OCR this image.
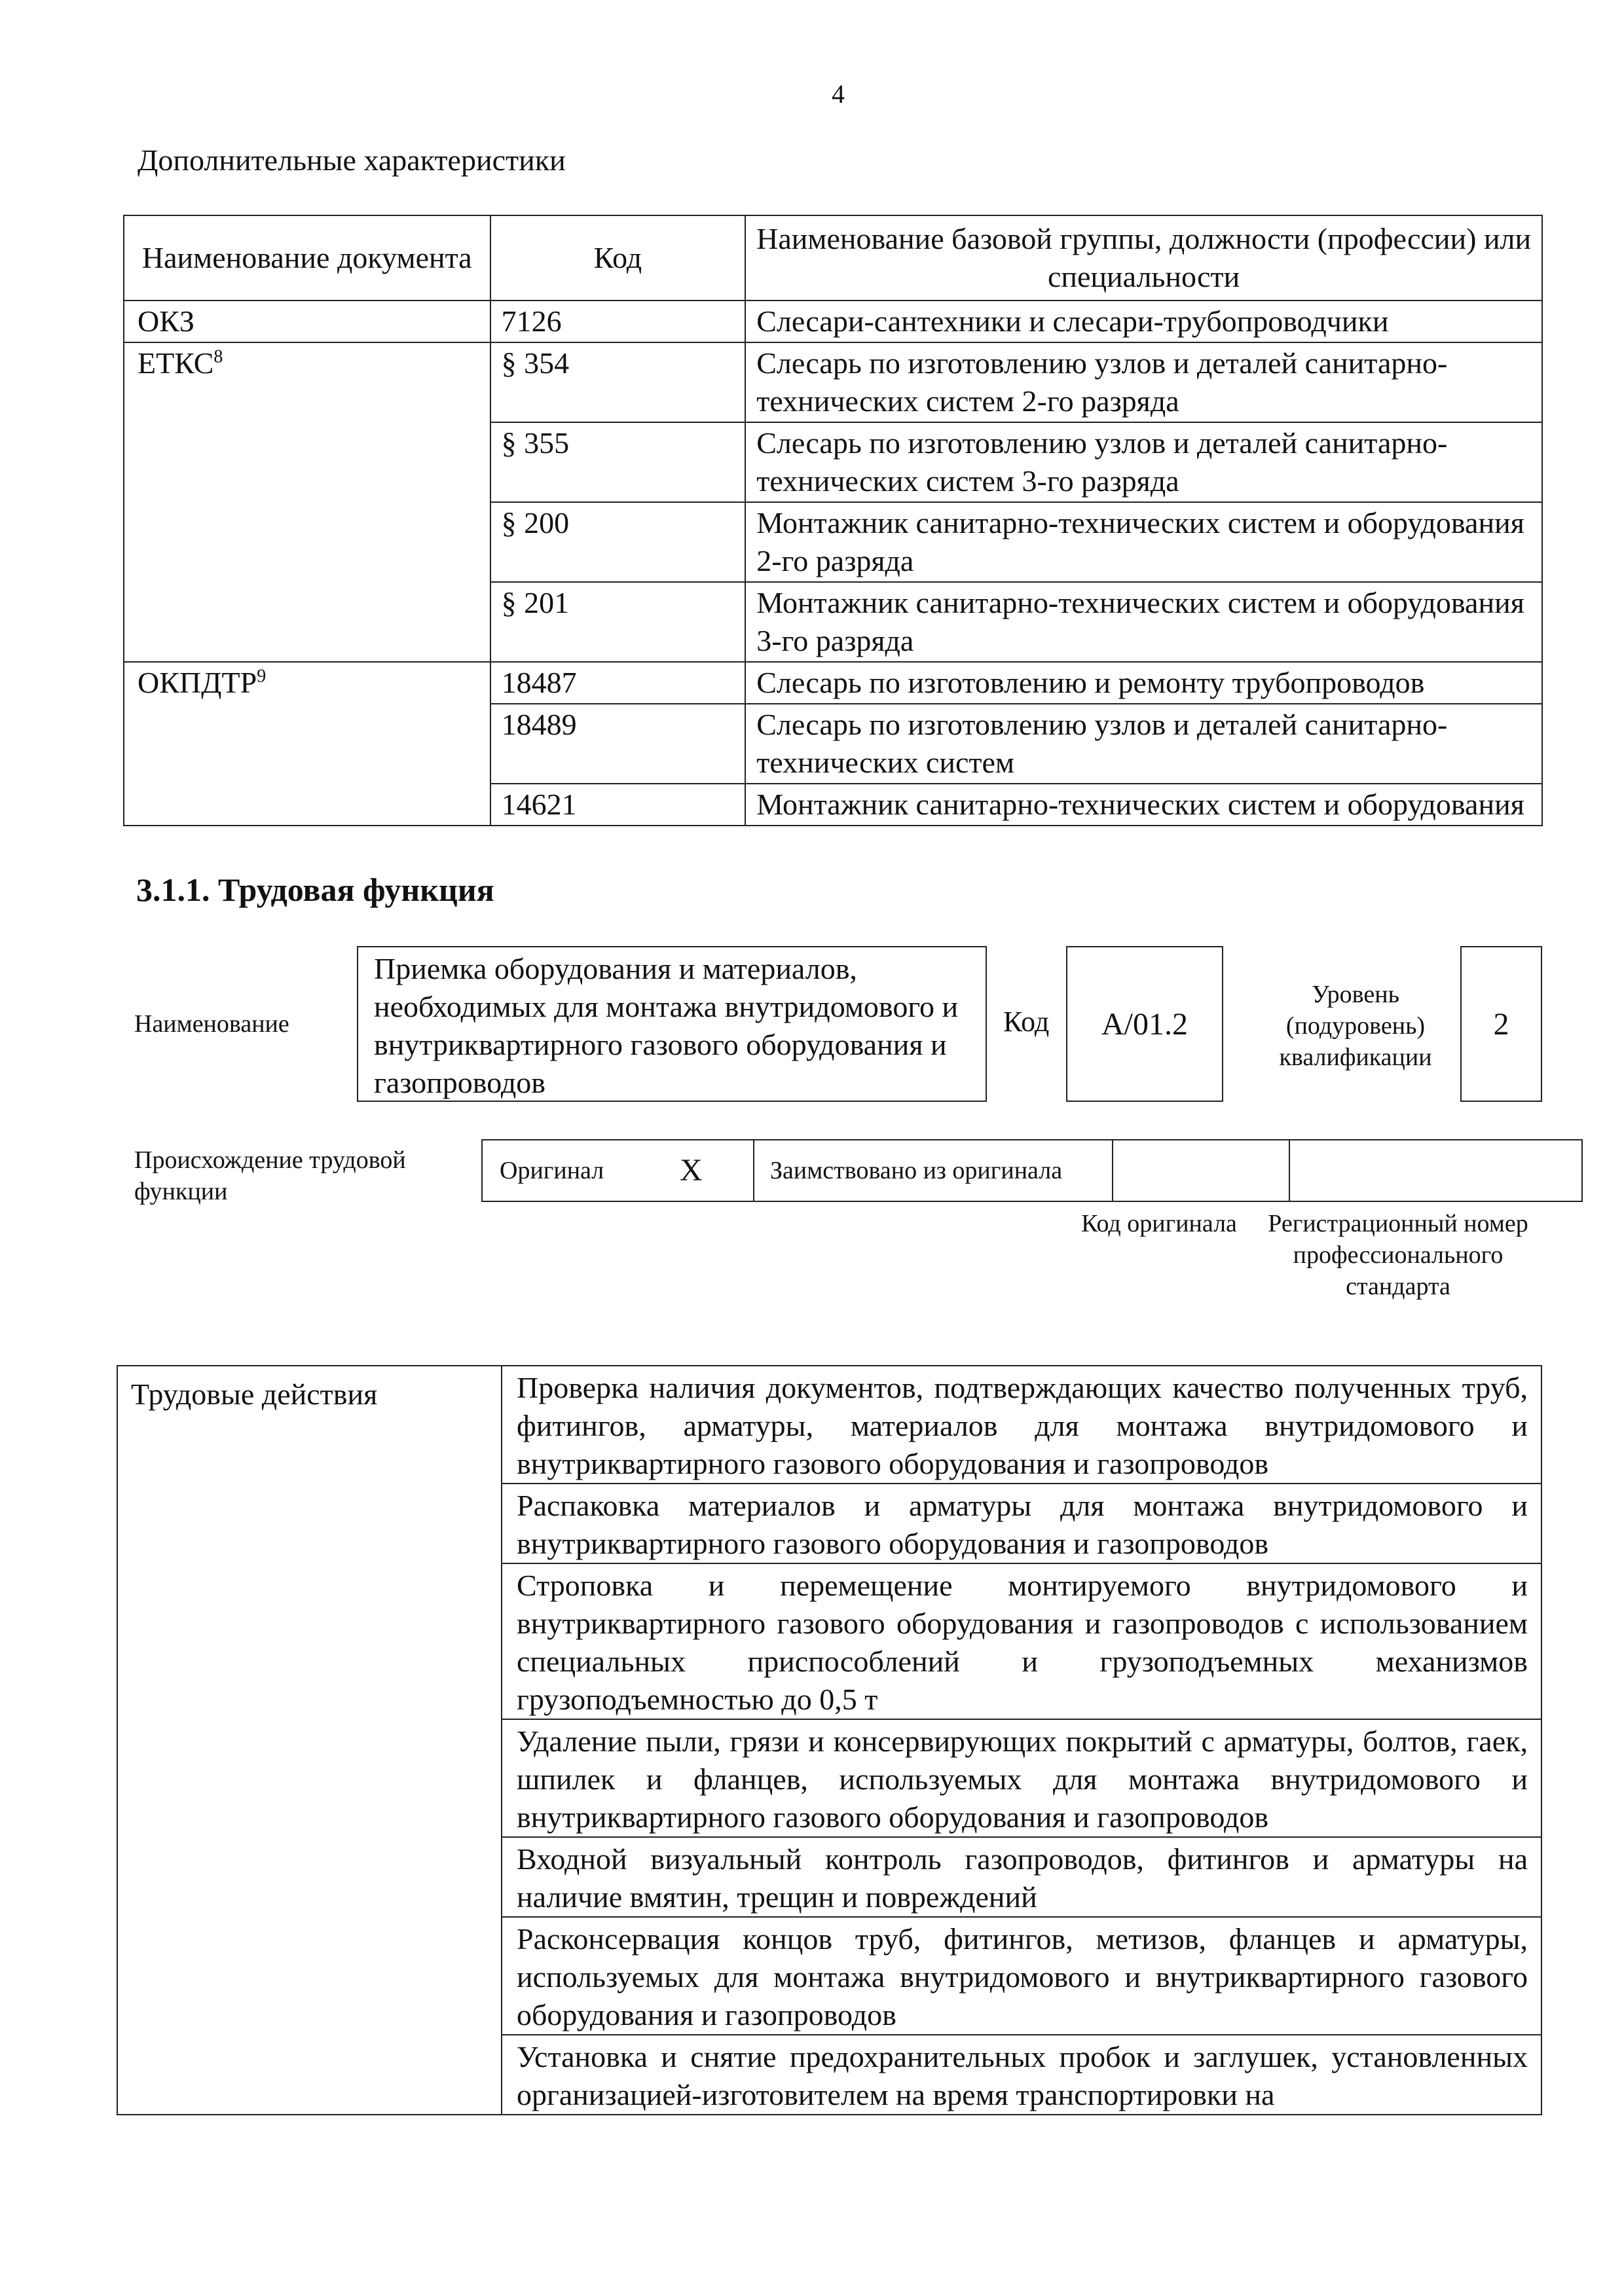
4
Дополнительные характеристики
Наименование документа	Код	Наименование базовой группы, должности (профессии) или специальности
ОКЗ	7126	Слесари-сантехники и слесари-трубопроводчики
ЕТКС$^8$	§ 354	Слесарь по изготовлению узлов и деталей санитарно-технических систем 2-го разряда
	§ 355	Слесарь по изготовлению узлов и деталей санитарно-технических систем 3-го разряда
	§ 200	Монтажник санитарно-технических систем и оборудования 2-го разряда
	§ 201	Монтажник санитарно-технических систем и оборудования 3-го разряда
ОКПДТР$^9$	18487	Слесарь по изготовлению и ремонту трубопроводов
	18489	Слесарь по изготовлению узлов и деталей санитарно-технических систем
	14621	Монтажник санитарно-технических систем и оборудования
3.1.1. Трудовая функция
Наименование
Приемка оборудования и материалов, необходимых для монтажа внутридомового и внутриквартирного газового оборудования и газопроводов
Код	А/01.2
Уровень (подуровень) квалификации
2
Происхождение трудовой функции
Оригинал	X	Заимствовано из оригинала		
Код оригинала	Регистрационный номер профессионального стандарта
Трудовые действия	Проверка наличия документов, подтверждающих качество полученных труб, фитингов, арматуры, материалов для монтажа внутридомового и внутриквартирного газового оборудования и газопроводов
Распаковка материалов и арматуры для монтажа внутридомового и внутриквартирного газового оборудования и газопроводов
Строповка и перемещение монтируемого внутридомового и внутриквартирного газового оборудования и газопроводов с использованием специальных приспособлений и грузоподъемных механизмов грузоподъемностью до 0,5 т
Удаление пыли, грязи и консервирующих покрытий с арматуры, болтов, гаек, шпилек и фланцев, используемых для монтажа внутридомового и внутриквартирного газового оборудования и газопроводов
Входной визуальный контроль газопроводов, фитингов и арматуры на наличие вмятин, трещин и повреждений
Расконсервация концов труб, фитингов, метизов, фланцев и арматуры, используемых для монтажа внутридомового и внутриквартирного газового оборудования и газопроводов
Установка и снятие предохранительных пробок и заглушек, установленных организацией-изготовителем на время транспортировки на
